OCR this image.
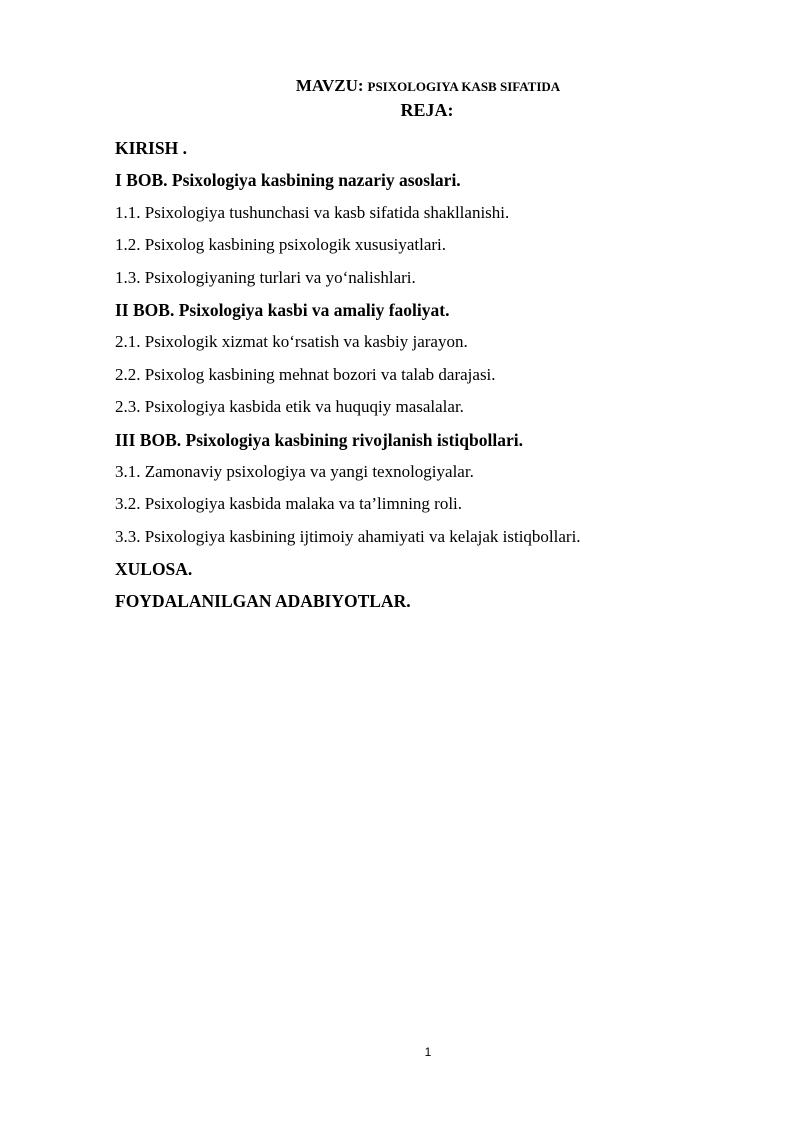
MAVZU: PSIXOLOGIYA KASB SIFATIDA
REJA:
KIRISH .
I BOB. Psixologiya kasbining nazariy asoslari.
1.1. Psixologiya tushunchasi va kasb sifatida shakllanishi.
1.2. Psixolog kasbining psixologik xususiyatlari.
1.3. Psixologiyaning turlari va yo‘nalishlari.
II BOB. Psixologiya kasbi va amaliy faoliyat.
2.1. Psixologik xizmat ko‘rsatish va kasbiy jarayon.
2.2. Psixolog kasbining mehnat bozori va talab darajasi.
2.3. Psixologiya kasbida etik va huquqiy masalalar.
III BOB. Psixologiya kasbining rivojlanish istiqbollari.
3.1. Zamonaviy psixologiya va yangi texnologiyalar.
3.2. Psixologiya kasbida malaka va ta’limning roli.
3.3. Psixologiya kasbining ijtimoiy ahamiyati va kelajak istiqbollari.
XULOSA.
FOYDALANILGAN ADABIYOTLAR.
1
